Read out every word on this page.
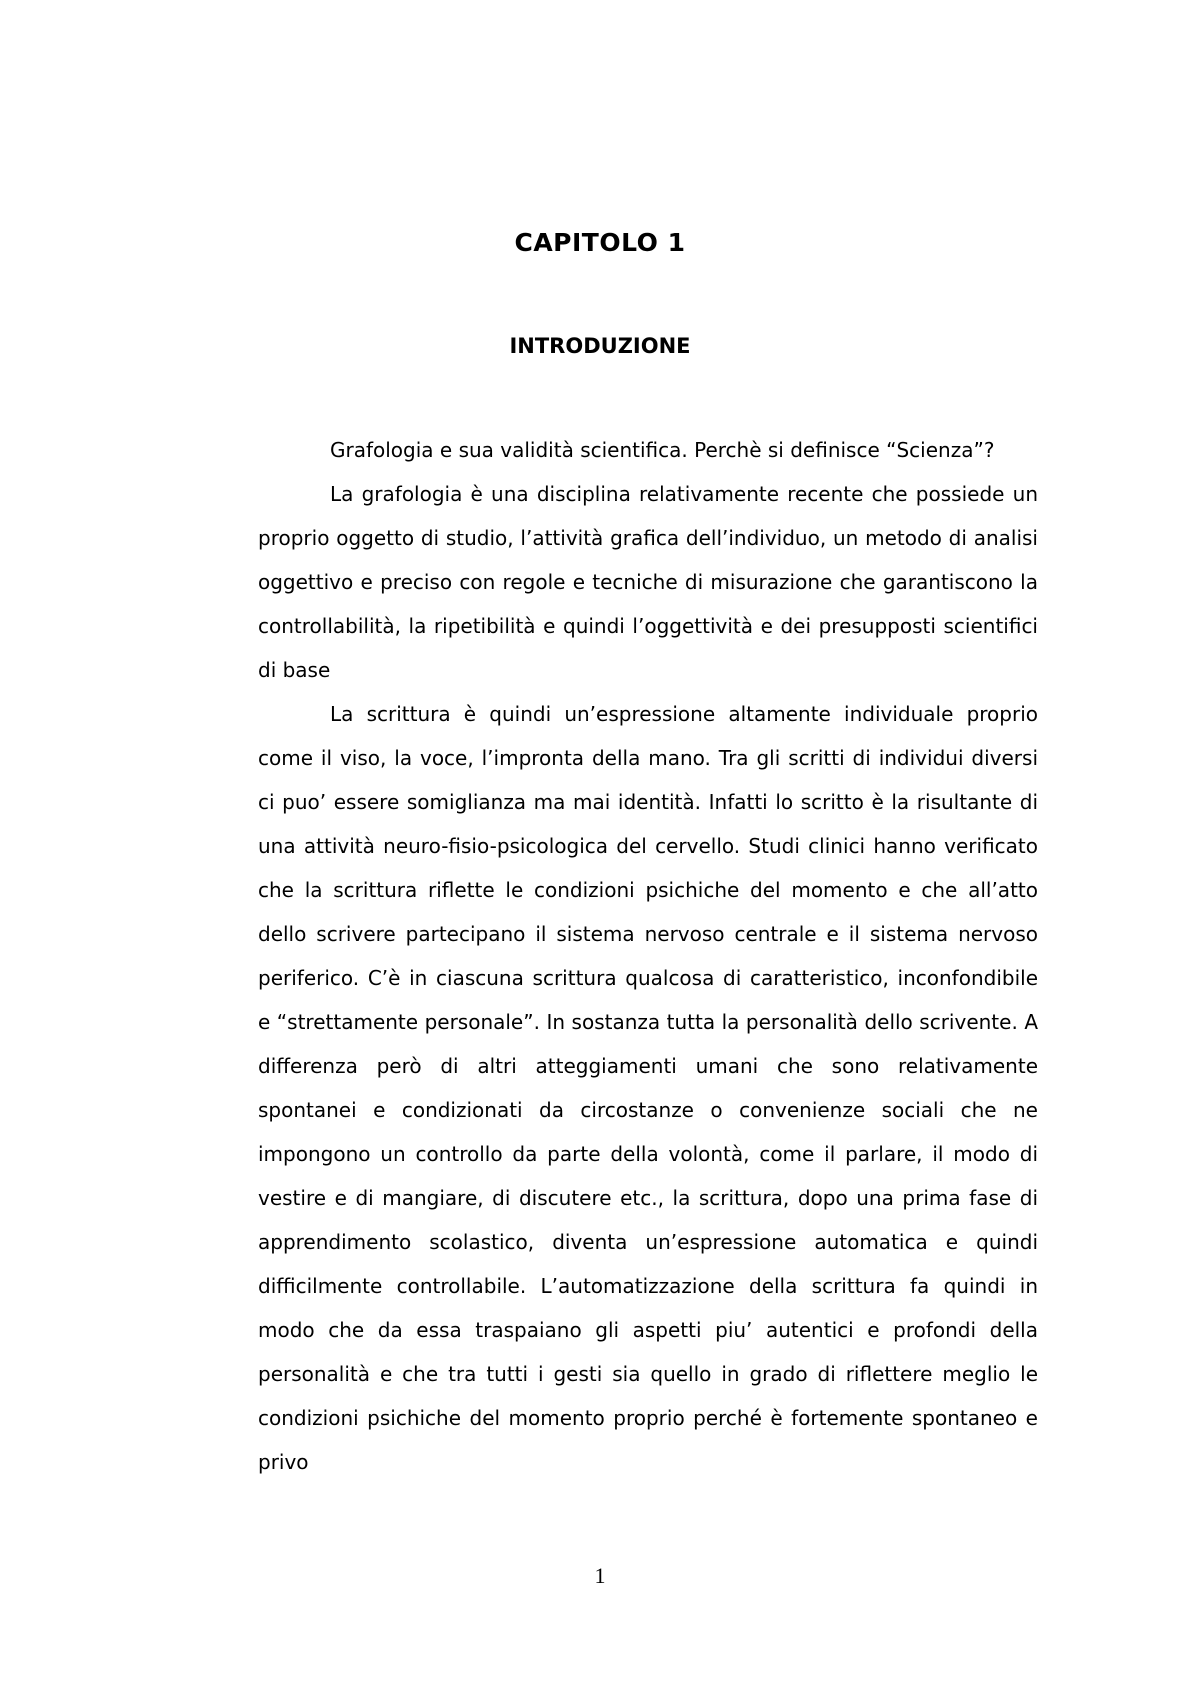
CAPITOLO 1
INTRODUZIONE

Grafologia e sua validità scientifica. Perchè si definisce “Scienza”?

La grafologia è una disciplina relativamente recente che possiede un proprio oggetto di studio, l’attività grafica dell’individuo, un metodo di analisi oggettivo e preciso con regole e tecniche di misurazione che garantiscono la controllabilità, la ripetibilità e quindi l’oggettività e dei presupposti scientifici di base

La scrittura è quindi un’espressione altamente individuale proprio come il viso, la voce, l’impronta della mano. Tra gli scritti di individui diversi ci puo’ essere somiglianza ma mai identità. Infatti lo scritto è la risultante di una attività neuro-fisio-psicologica del cervello. Studi clinici hanno verificato che la scrittura riflette le condizioni psichiche del momento e che all’atto dello scrivere partecipano il sistema nervoso centrale e il sistema nervoso periferico. C’è in ciascuna scrittura qualcosa di caratteristico, inconfondibile e “strettamente personale”. In sostanza tutta la personalità dello scrivente. A differenza però di altri atteggiamenti umani che sono relativamente spontanei e condizionati da circostanze o convenienze sociali che ne impongono un controllo da parte della volontà, come il parlare, il modo di vestire e di mangiare, di discutere etc., la scrittura, dopo una prima fase di apprendimento scolastico, diventa un’espressione automatica e quindi difficilmente controllabile. L’automatizzazione della scrittura fa quindi in modo che da essa traspaiano gli aspetti piu’ autentici e profondi della personalità e che tra tutti i gesti sia quello in grado di riflettere meglio le condizioni psichiche del momento proprio perché è fortemente spontaneo e privo

1
